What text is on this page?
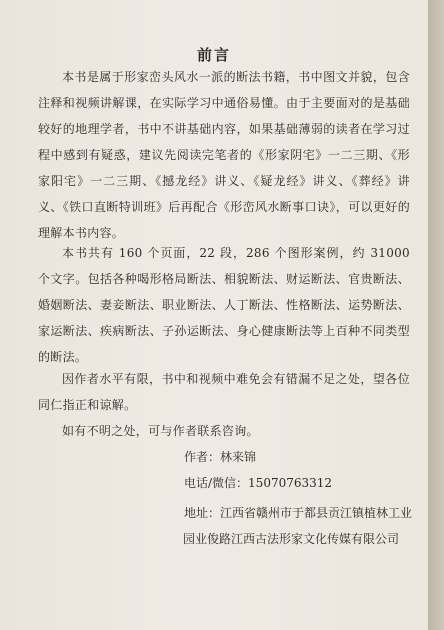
前言

本书是属于形家峦头风水一派的断法书籍，书中图文并貌，包含注释和视频讲解课，在实际学习中通俗易懂。由于主要面对的是基础较好的地理学者，书中不讲基础内容，如果基础薄弱的读者在学习过程中感到有疑惑，建议先阅读完笔者的《形家阴宅》一二三期、《形家阳宅》一二三期、《撼龙经》讲义、《疑龙经》讲义、《葬经》讲义、《铁口直断特训班》后再配合《形峦风水断事口诀》，可以更好的理解本书内容。

本书共有 160 个页面，22 段，286 个图形案例，约 31000 个文字。包括各种喝形格局断法、相貌断法、财运断法、官贵断法、婚姻断法、妻妾断法、职业断法、人丁断法、性格断法、运势断法、家运断法、疾病断法、子孙运断法、身心健康断法等上百种不同类型的断法。

因作者水平有限，书中和视频中难免会有错漏不足之处，望各位同仁指正和谅解。

如有不明之处，可与作者联系咨询。

作者：林来锦
电话/微信：15070763312
地址：江西省赣州市于都县贡江镇植林工业
园业俊路江西古法形家文化传媒有限公司
